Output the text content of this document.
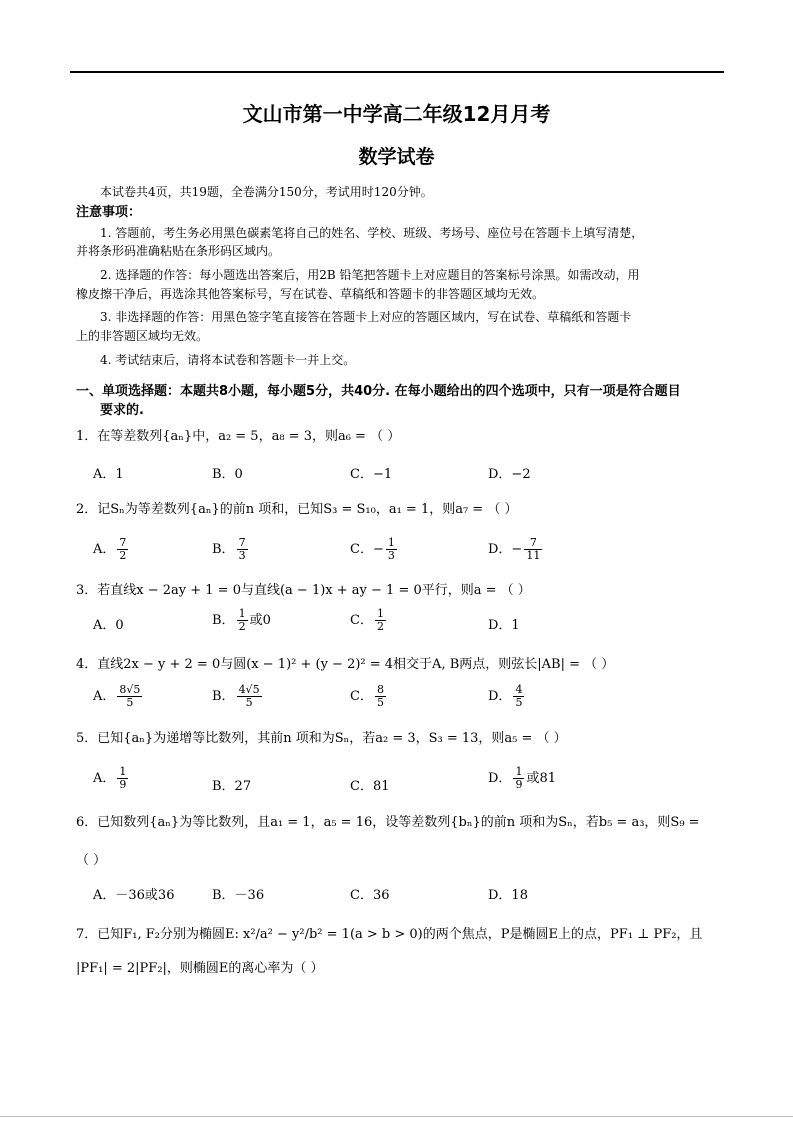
文山市第一中学高二年级12月月考
数学试卷
本试卷共4页，共19题，全卷满分150分，考试用时120分钟。
注意事项：
1. 答题前，考生务必用黑色碳素笔将自己的姓名、学校、班级、考场号、座位号在答题卡上填写清楚，
并将条形码准确粘贴在条形码区域内。
2. 选择题的作答：每小题选出答案后，用2B 铅笔把答题卡上对应题目的答案标号涂黑。如需改动，用
橡皮擦干净后，再选涂其他答案标号，写在试卷、草稿纸和答题卡的非答题区域均无效。
3. 非选择题的作答：用黑色签字笔直接答在答题卡上对应的答题区域内，写在试卷、草稿纸和答题卡
上的非答题区域均无效。
4. 考试结束后，请将本试卷和答题卡一并上交。
一、单项选择题：本题共8小题，每小题5分，共40分. 在每小题给出的四个选项中，只有一项是符合题目
要求的.
1．在等差数列{aₙ}中，a₂ = 5，a₈ = 3，则a₆ = （ ）
A．1	B．0	C．−1	D．−2
2．记Sₙ为等差数列{aₙ}的前n 项和，已知S₃ = S₁₀，a₁ = 1，则a₇ = （ ）
A． $\frac{7}{2}$	B． $\frac{7}{3}$	C．− $\frac{1}{3}$	D．− $\frac{7}{11}$
3．若直线x − 2ay + 1 = 0与直线(a − 1)x + ay − 1 = 0平行，则a = （ ）
A．0	B． $\frac{1}{2}$ 或0	C． $\frac{1}{2}$	D．1
4．直线2x − y + 2 = 0与圆(x − 1)² + (y − 2)² = 4相交于A, B两点，则弦长|AB| = （ ）
A． $\frac{8√5}{5}$	B． $\frac{4√5}{5}$	C． $\frac{8}{5}$	D． $\frac{4}{5}$
5．已知{aₙ}为递增等比数列，其前n 项和为Sₙ，若a₂ = 3，S₃ = 13，则a₅ = （ ）
A． $\frac{1}{9}$	B．27	C．81
D． $\frac{1}{9}$ 或81
6．已知数列{aₙ}为等比数列，且a₁ = 1，a₅ = 16，设等差数列{bₙ}的前n 项和为Sₙ，若b₅ = a₃，则S₉ =
（ ）
A．－36或36	B．－36	C．36	D．18
7．已知F₁, F₂分别为椭圆E: x²/a² − y²/b² = 1(a > b > 0)的两个焦点，P是椭圆E上的点，PF₁ ⊥ PF₂，且
|PF₁| = 2|PF₂|，则椭圆E的离心率为（ ）
